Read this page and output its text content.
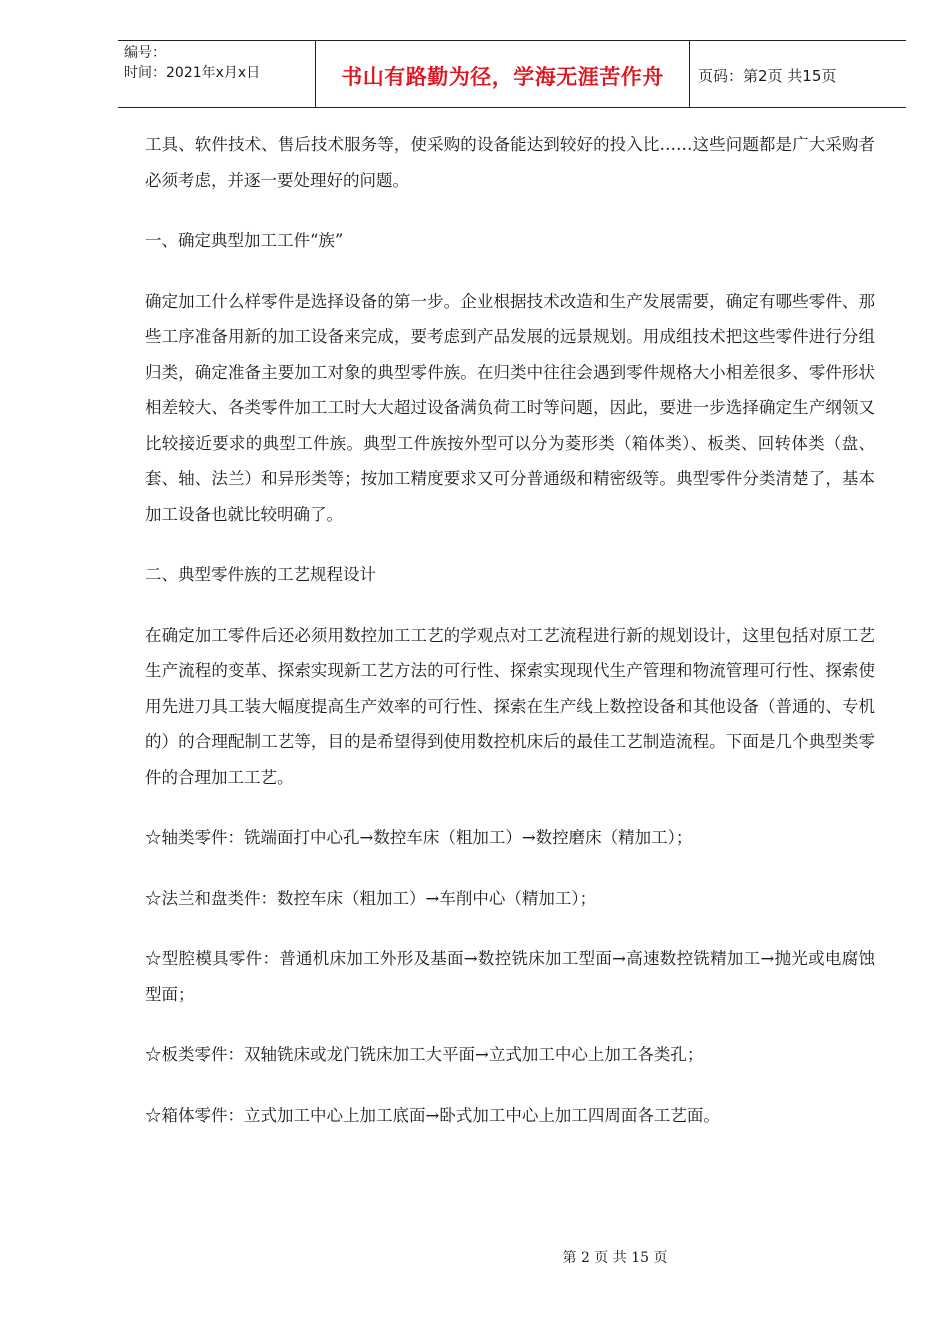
编号：
时间：2021年x月x日	书山有路勤为径，学海无涯苦作舟	页码：第2页 共15页

工具、软件技术、售后技术服务等，使采购的设备能达到较好的投入比……这些问题都是广大采购者必须考虑，并逐一要处理好的问题。

一、确定典型加工工件“族”

确定加工什么样零件是选择设备的第一步。企业根据技术改造和生产发展需要，确定有哪些零件、那些工序准备用新的加工设备来完成，要考虑到产品发展的远景规划。用成组技术把这些零件进行分组归类，确定准备主要加工对象的典型零件族。在归类中往往会遇到零件规格大小相差很多、零件形状相差较大、各类零件加工工时大大超过设备满负荷工时等问题，因此，要进一步选择确定生产纲领又比较接近要求的典型工件族。典型工件族按外型可以分为菱形类（箱体类）、板类、回转体类（盘、套、轴、法兰）和异形类等；按加工精度要求又可分普通级和精密级等。典型零件分类清楚了，基本加工设备也就比较明确了。

二、典型零件族的工艺规程设计

在确定加工零件后还必须用数控加工工艺的学观点对工艺流程进行新的规划设计，这里包括对原工艺生产流程的变革、探索实现新工艺方法的可行性、探索实现现代生产管理和物流管理可行性、探索使用先进刀具工装大幅度提高生产效率的可行性、探索在生产线上数控设备和其他设备（普通的、专机的）的合理配制工艺等，目的是希望得到使用数控机床后的最佳工艺制造流程。下面是几个典型类零件的合理加工工艺。

☆轴类零件：铣端面打中心孔→数控车床（粗加工）→数控磨床（精加工）；

☆法兰和盘类件：数控车床（粗加工）→车削中心（精加工）；

☆型腔模具零件：普通机床加工外形及基面→数控铣床加工型面→高速数控铣精加工→抛光或电腐蚀型面；

☆板类零件：双轴铣床或龙门铣床加工大平面→立式加工中心上加工各类孔；

☆箱体零件：立式加工中心上加工底面→卧式加工中心上加工四周面各工艺面。

第 2 页 共 15 页
